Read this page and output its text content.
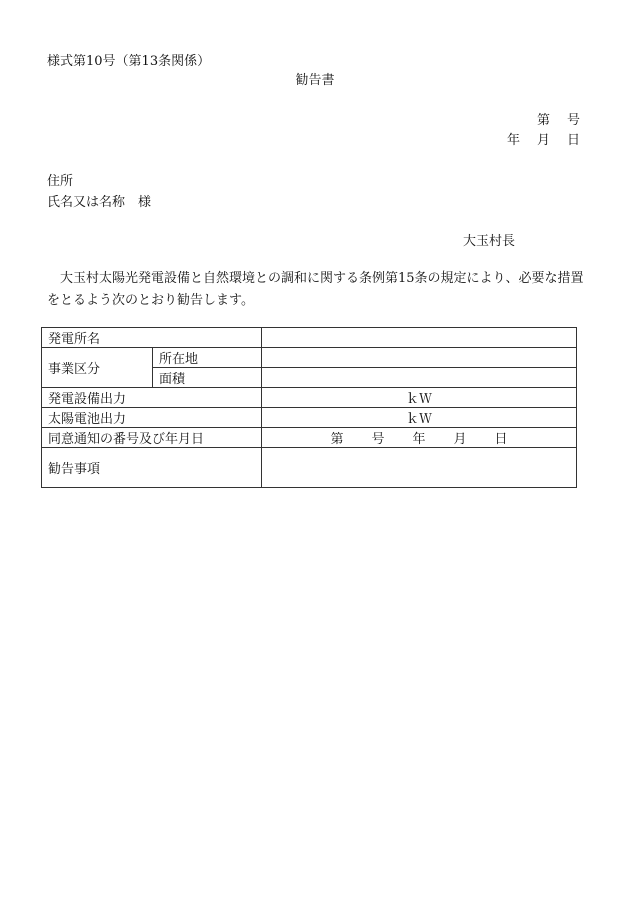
様式第10号（第13条関係）
勧告書
第　号
年　月　日
住所
氏名又は名称　様
大玉村長
　大玉村太陽光発電設備と自然環境との調和に関する条例第15条の規定により、必要な措置をとるよう次のとおり勧告します。
発電所名		
事業区分	所在地	
	面積	
発電設備出力		ｋＷ
太陽電池出力		ｋＷ
同意通知の番号及び年月日		第 号 年 月 日
勧告事項		
